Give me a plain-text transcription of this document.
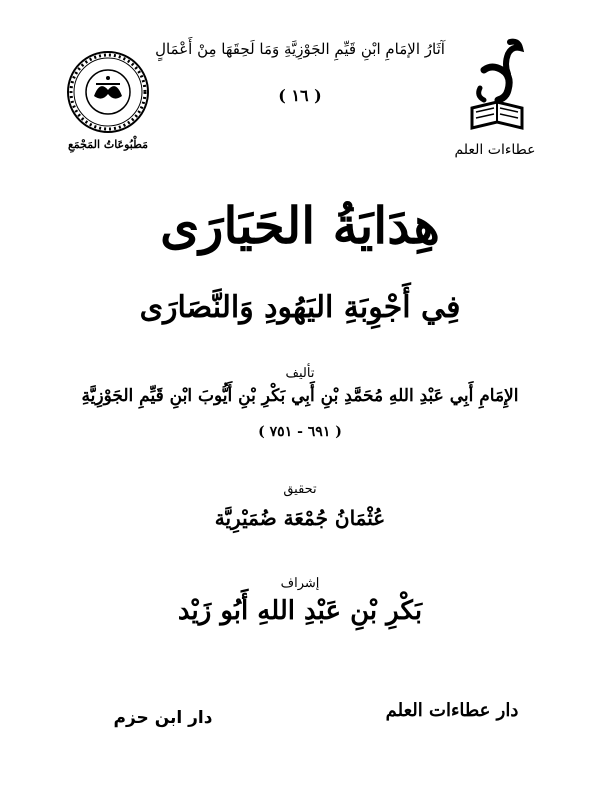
مَطْبُوعَاتُ المَجْمَعِ
آثَارُ الإمَامِ ابْنِ قَيِّمِ الجَوْزِيَّةِ وَمَا لَحِقَهَا مِنْ أَعْمَالٍ
( ١٦ )
عطاءات العلم
هِدَايَةُ الحَيَارَى
فِي أَجْوِبَةِ اليَهُودِ وَالنَّصَارَى
تأليف
الإِمَامِ أَبِي عَبْدِ اللهِ مُحَمَّدِ بْنِ أَبِي بَكْرِ بْنِ أَيُّوبَ ابْنِ قَيِّمِ الجَوْزِيَّةِ
( ٦٩١ - ٧٥١ )
تحقيق
عُثْمَانُ جُمْعَة ضُمَيْرِيَّة
إشراف
بَكْرِ بْنِ عَبْدِ اللهِ أَبُو زَيْد
دار ابن حزم	دار عطاءات العلم
